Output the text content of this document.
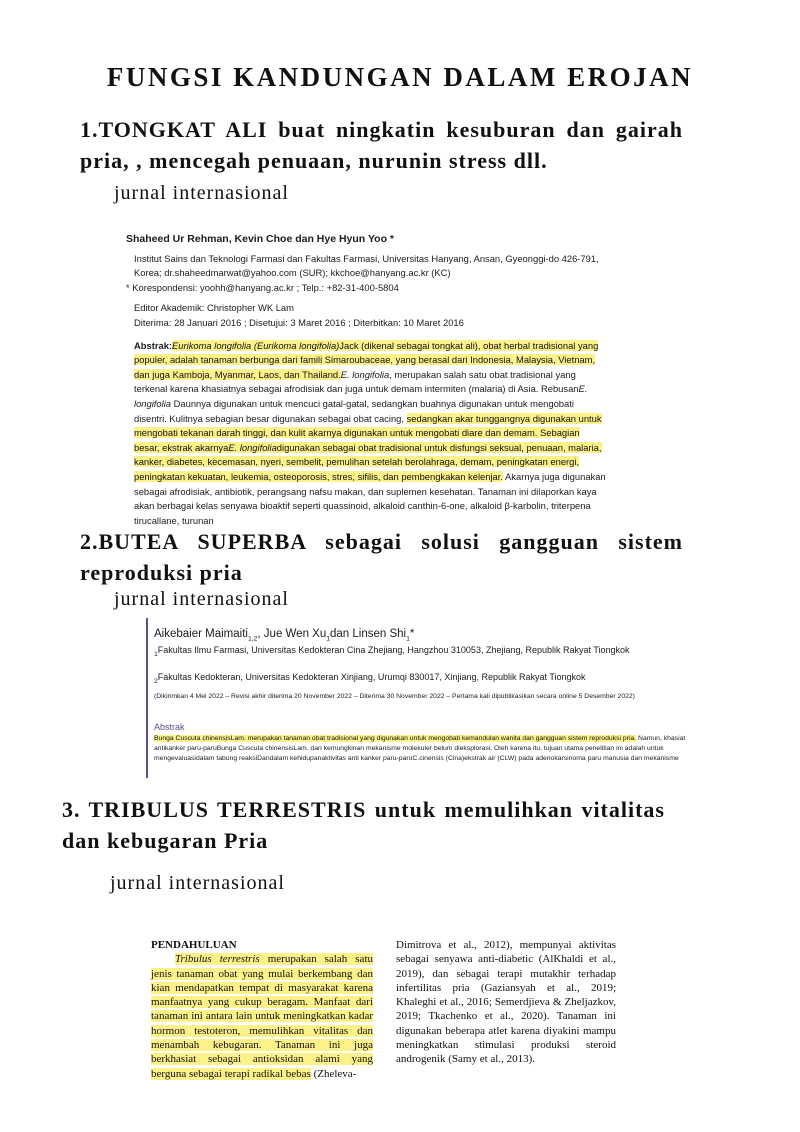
FUNGSI KANDUNGAN DALAM EROJAN
1.TONGKAT ALI buat ningkatin kesuburan dan gairah pria, , mencegah penuaan, nurunin stress dll.
jurnal internasional
Shaheed Ur Rehman, Kevin Choe dan Hye Hyun Yoo *
Institut Sains dan Teknologi Farmasi dan Fakultas Farmasi, Universitas Hanyang, Ansan, Gyeonggi-do 426-791, Korea; dr.shaheedmarwat@yahoo.com (SUR); kkchoe@hanyang.ac.kr (KC)
* Korespondensi: yoohh@hanyang.ac.kr ; Telp.: +82-31-400-5804
Editor Akademik: Christopher WK Lam
Diterima: 28 Januari 2016 ; Disetujui: 3 Maret 2016 ; Diterbitkan: 10 Maret 2016
Abstrak:Eurikoma longifolia (Eurikoma longifolia)Jack (dikenal sebagai tongkat ali), obat herbal tradisional yang populer, adalah tanaman berbunga dari famili Simaroubaceae, yang berasal dari Indonesia, Malaysia, Vietnam, dan juga Kamboja, Myanmar, Laos, dan Thailand.E. longifolia, merupakan salah satu obat tradisional yang terkenal karena khasiatnya sebagai afrodisiak dan juga untuk demam intermiten (malaria) di Asia. RebusanE. longifolia Daunnya digunakan untuk mencuci gatal-gatal, sedangkan buahnya digunakan untuk mengobati disentri. Kulitnya sebagian besar digunakan sebagai obat cacing, sedangkan akar tunggangnya digunakan untuk mengobati tekanan darah tinggi, dan kulit akarnya digunakan untuk mengobati diare dan demam. Sebagian besar, ekstrak akarnyaE. longifoliadigunakan sebagai obat tradisional untuk disfungsi seksual, penuaan, malaria, kanker, diabetes, kecemasan, nyeri, sembelit, pemulihan setelah berolahraga, demam, peningkatan energi, peningkatan kekuatan, leukemia, osteoporosis, stres, sifilis, dan pembengkakan kelenjar. Akarnya juga digunakan sebagai afrodisiak, antibiotik, perangsang nafsu makan, dan suplemen kesehatan. Tanaman ini dilaporkan kaya akan berbagai kelas senyawa bioaktif seperti quassinoid, alkaloid canthin-6-one, alkaloid β-karbolin, triterpena tirucallane, turunan
2.BUTEA SUPERBA sebagai solusi gangguan sistem reproduksi pria
jurnal internasional
Aikebaier Maimaiti$_{1,2}$, Jue Wen $Xu_1dan$ Linsen Shi$_1$*
$_1$Fakultas Ilmu Farmasi, Universitas Kedokteran Cina Zhejiang, Hangzhou 310053, Zhejiang, Republik Rakyat Tiongkok
$_2$Fakultas Kedokteran, Universitas Kedokteran Xinjiang, Urumqi 830017, Xinjiang, Republik Rakyat Tiongkok
(Dikirimkan 4 Mei 2022 – Revisi akhir diterima 20 November 2022 – Diterima 30 November 2022 – Pertama kali dipublikasikan secara online 5 Desember 2022)
Abstrak
Bunga Cuscuta chinensisLam. merupakan tanaman obat tradisional yang digunakan untuk mengobati kemandulan wanita dan gangguan sistem reproduksi pria. Namun, khasiat antikanker paru-paruBunga Cuscuta chinensisLam. dan kemungkinan mekanisme molekuler belum dieksplorasi. Oleh karena itu, tujuan utama penelitian ini adalah untuk mengevaluasidalam tabung reaksiDandalam kehidupanaktivitas anti kanker paru-paruC.cinensis (Cina)ekstrak air (CLW) pada adenokarsinoma paru manusia dan mekanisme
3. TRIBULUS TERRESTRIS untuk memulihkan vitalitas dan kebugaran Pria
jurnal internasional
PENDAHULUAN
Tribulus terrestris merupakan salah satu jenis tanaman obat yang mulai berkembang dan kian mendapatkan tempat di masyarakat karena manfaatnya yang cukup beragam. Manfaat dari tanaman ini antara lain untuk meningkatkan kadar hormon testoteron, memulihkan vitalitas dan menambah kebugaran. Tanaman ini juga berkhasiat sebagai antioksidan alami yang berguna sebagai terapi radikal bebas (Zheleva-
Dimitrova et al., 2012), mempunyai aktivitas sebagai senyawa anti-diabetic (AlKhaldi et al., 2019), dan sebagai terapi mutakhir terhadap infertilitas pria (Gaziansyah et al., 2019; Khaleghi et al., 2016; Semerdjieva & Zheljazkov, 2019; Tkachenko et al., 2020). Tanaman ini digunakan beberapa atlet karena diyakini mampu meningkatkan stimulasi produksi steroid androgenik (Samy et al., 2013).
